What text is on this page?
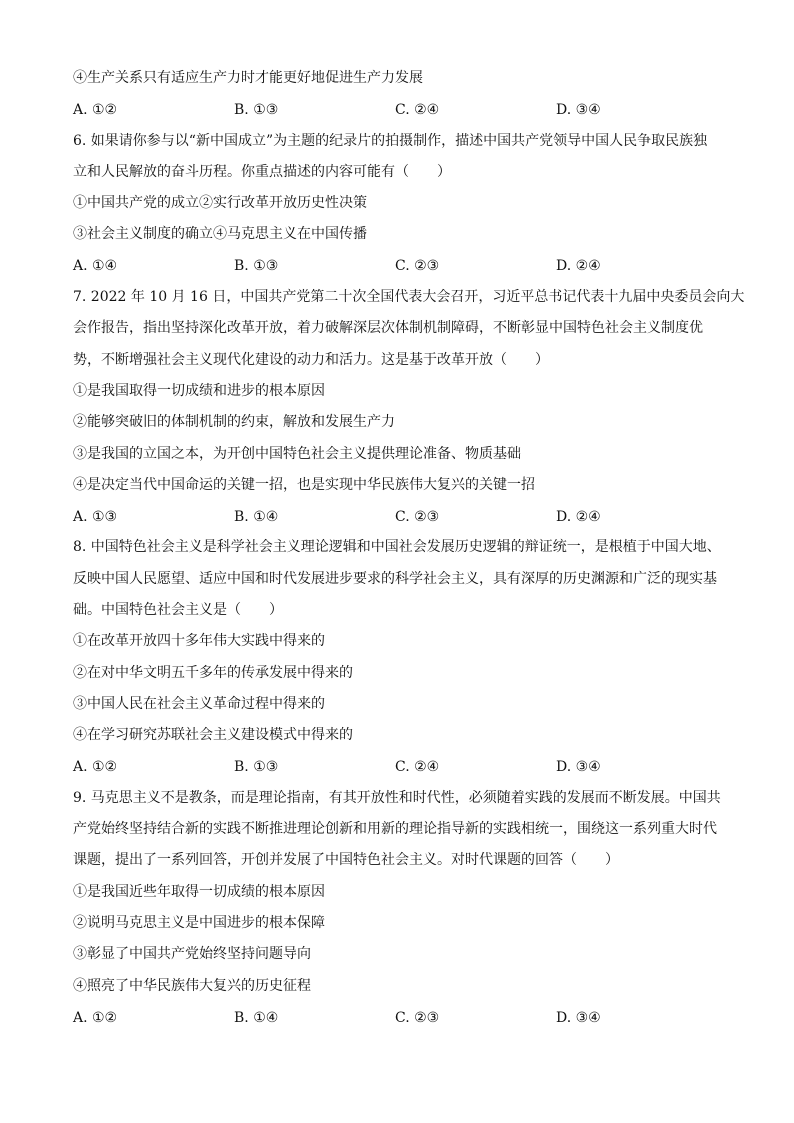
④生产关系只有适应生产力时才能更好地促进生产力发展
A. ①②	B. ①③	C. ②④	D. ③④
6. 如果请你参与以“新中国成立”为主题的纪录片的拍摄制作，描述中国共产党领导中国人民争取民族独
立和人民解放的奋斗历程。你重点描述的内容可能有（　　）
①中国共产党的成立②实行改革开放历史性决策
③社会主义制度的确立④马克思主义在中国传播
A. ①④	B. ①③	C. ②③	D. ②④
7. 2022 年 10 月 16 日，中国共产党第二十次全国代表大会召开，习近平总书记代表十九届中央委员会向大
会作报告，指出坚持深化改革开放，着力破解深层次体制机制障碍，不断彰显中国特色社会主义制度优
势，不断增强社会主义现代化建设的动力和活力。这是基于改革开放（　　）
①是我国取得一切成绩和进步的根本原因
②能够突破旧的体制机制的约束，解放和发展生产力
③是我国的立国之本，为开创中国特色社会主义提供理论准备、物质基础
④是决定当代中国命运的关键一招，也是实现中华民族伟大复兴的关键一招
A. ①③	B. ①④	C. ②③	D. ②④
8. 中国特色社会主义是科学社会主义理论逻辑和中国社会发展历史逻辑的辩证统一，是根植于中国大地、
反映中国人民愿望、适应中国和时代发展进步要求的科学社会主义，具有深厚的历史渊源和广泛的现实基
础。中国特色社会主义是（　　）
①在改革开放四十多年伟大实践中得来的
②在对中华文明五千多年的传承发展中得来的
③中国人民在社会主义革命过程中得来的
④在学习研究苏联社会主义建设模式中得来的
A. ①②	B. ①③	C. ②④	D. ③④
9. 马克思主义不是教条，而是理论指南，有其开放性和时代性，必须随着实践的发展而不断发展。中国共
产党始终坚持结合新的实践不断推进理论创新和用新的理论指导新的实践相统一，围绕这一系列重大时代
课题，提出了一系列回答，开创并发展了中国特色社会主义。对时代课题的回答（　　）
①是我国近些年取得一切成绩的根本原因
②说明马克思主义是中国进步的根本保障
③彰显了中国共产党始终坚持问题导向
④照亮了中华民族伟大复兴的历史征程
A. ①②	B. ①④	C. ②③	D. ③④
